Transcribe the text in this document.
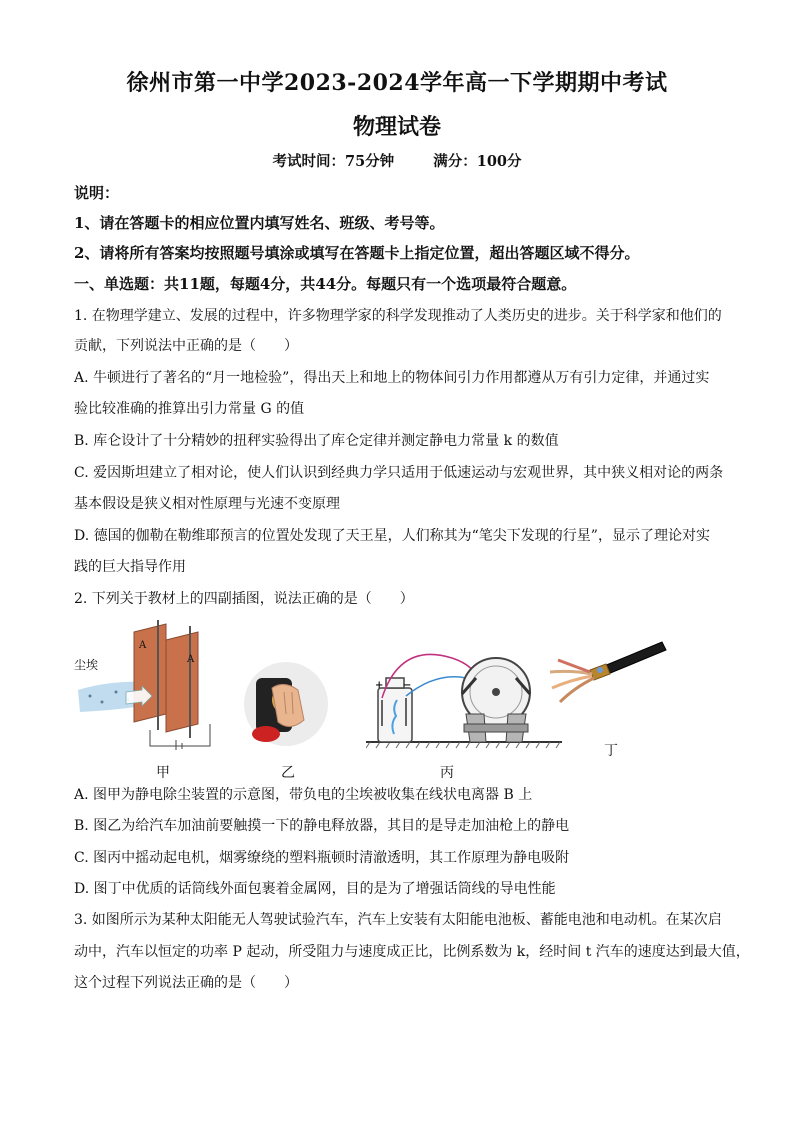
徐州市第一中学2023-2024学年高一下学期期中考试
物理试卷
考试时间：75分钟	满分：100分
说明：
1、请在答题卡的相应位置内填写姓名、班级、考号等。
2、请将所有答案均按照题号填涂或填写在答题卡上指定位置，超出答题区域不得分。
一、单选题：共11题，每题4分，共44分。每题只有一个选项最符合题意。
1. 在物理学建立、发展的过程中，许多物理学家的科学发现推动了人类历史的进步。关于科学家和他们的
贡献，下列说法中正确的是（　　）
A. 牛顿进行了著名的“月一地检验”，得出天上和地上的物体间引力作用都遵从万有引力定律，并通过实
验比较准确的推算出引力常量 G 的值
B. 库仑设计了十分精妙的扭秤实验得出了库仑定律并测定静电力常量 k 的数值
C. 爱因斯坦建立了相对论，使人们认识到经典力学只适用于低速运动与宏观世界，其中狭义相对论的两条
基本假设是狭义相对性原理与光速不变原理
D. 德国的伽勒在勒维耶预言的位置处发现了天王星，人们称其为“笔尖下发现的行星”，显示了理论对实
践的巨大指导作用
2. 下列关于教材上的四副插图，说法正确的是（　　）
尘埃
A
A
甲	乙
+ −
丙
丁
A. 图甲为静电除尘装置的示意图，带负电的尘埃被收集在线状电离器 B 上
B. 图乙为给汽车加油前要触摸一下的静电释放器，其目的是导走加油枪上的静电
C. 图丙中摇动起电机，烟雾缭绕的塑料瓶顿时清澈透明，其工作原理为静电吸附
D. 图丁中优质的话筒线外面包裹着金属网，目的是为了增强话筒线的导电性能
3. 如图所示为某种太阳能无人驾驶试验汽车，汽车上安装有太阳能电池板、蓄能电池和电动机。在某次启
动中，汽车以恒定的功率 P 起动，所受阻力与速度成正比，比例系数为 k，经时间 t 汽车的速度达到最大值，
这个过程下列说法正确的是（　　）
